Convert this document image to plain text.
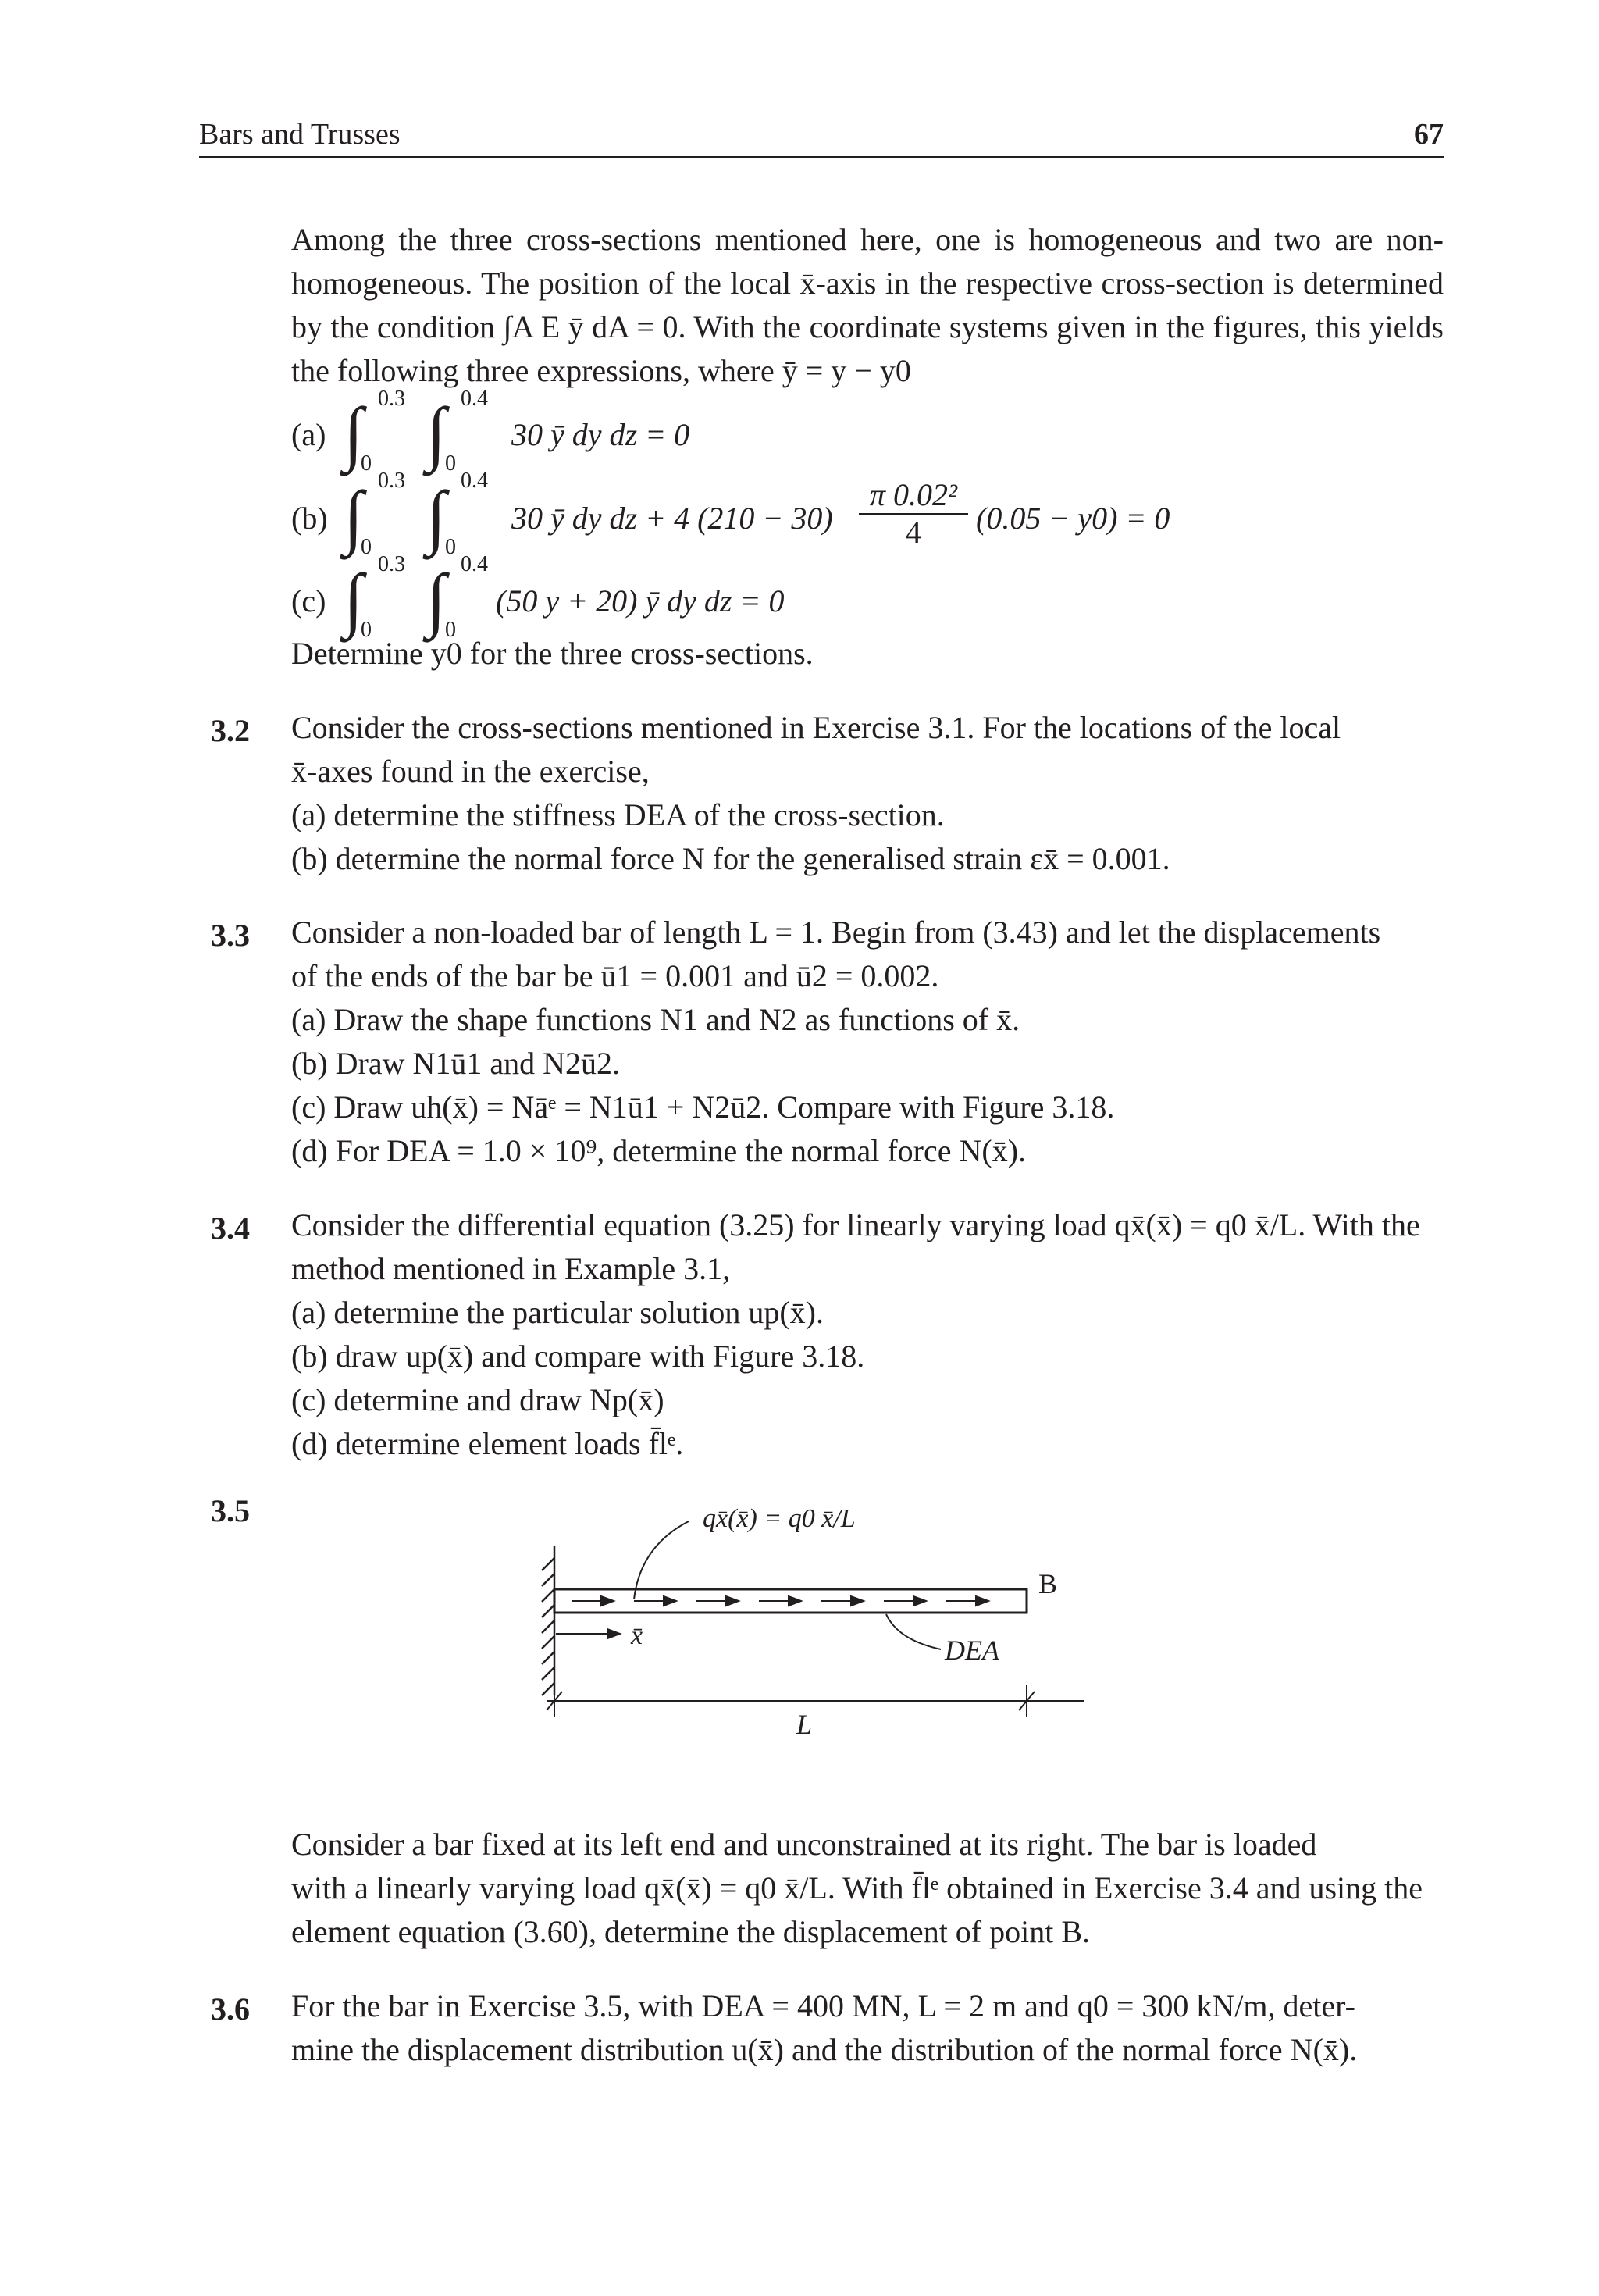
Bars and Trusses	67
Among the three cross-sections mentioned here, one is homogeneous and two are non-homogeneous. The position of the local x̄-axis in the respective cross-section is determined by the condition ∫A E ȳ dA = 0. With the coordinate systems given in the figures, this yields the following three expressions, where ȳ = y − y0
(a) ∫ 0.3
0 ∫ 0.4
0
30 ȳ dy dz = 0
(b) ∫ 0.3
0 ∫ 0.4
0
30 ȳ dy dz + 4 $(210 - 30) \frac{\text{π 0.02²}}{4} (0.05 - y0) = 0$
(c) ∫ 0.3
0 ∫ 0.4
0
(50 y + 20) ȳ dy dz = 0
Determine y0 for the three cross-sections.
3.2 Consider the cross-sections mentioned in Exercise 3.1. For the locations of the local
x̄-axes found in the exercise,
(a) determine the stiffness DEA of the cross-section.
(b) determine the normal force N for the generalised strain εx̄ = 0.001.
3.3 Consider a non-loaded bar of length L = 1. Begin from (3.43) and let the displacements
of the ends of the bar be ū1 = 0.001 and ū2 = 0.002.
(a) Draw the shape functions N1 and N2 as functions of x̄.
(b) Draw N1ū1 and N2ū2.
(c) Draw uh(x̄) = Nāᵉ = N1ū1 + N2ū2. Compare with Figure 3.18.
(d) For DEA = 1.0 × 10⁹, determine the normal force N(x̄).
3.4 Consider the differential equation (3.25) for linearly varying load qx̄(x̄) = q0 x̄/L. With the
method mentioned in Example 3.1,
(a) determine the particular solution up(x̄).
(b) draw up(x̄) and compare with Figure 3.18.
(c) determine and draw Np(x̄)
(d) determine element loads f̄lᵉ.
3.5	qx̄(x̄) = q0 x̄/L
B
x̄	DEA
L
Consider a bar fixed at its left end and unconstrained at its right. The bar is loaded
with a linearly varying load qx̄(x̄) = q0 x̄/L. With f̄lᵉ obtained in Exercise 3.4 and using the
element equation (3.60), determine the displacement of point B.
3.6 For the bar in Exercise 3.5, with DEA = 400 MN, L = 2 m and q0 = 300 kN/m, deter-
mine the displacement distribution u(x̄) and the distribution of the normal force N(x̄).
